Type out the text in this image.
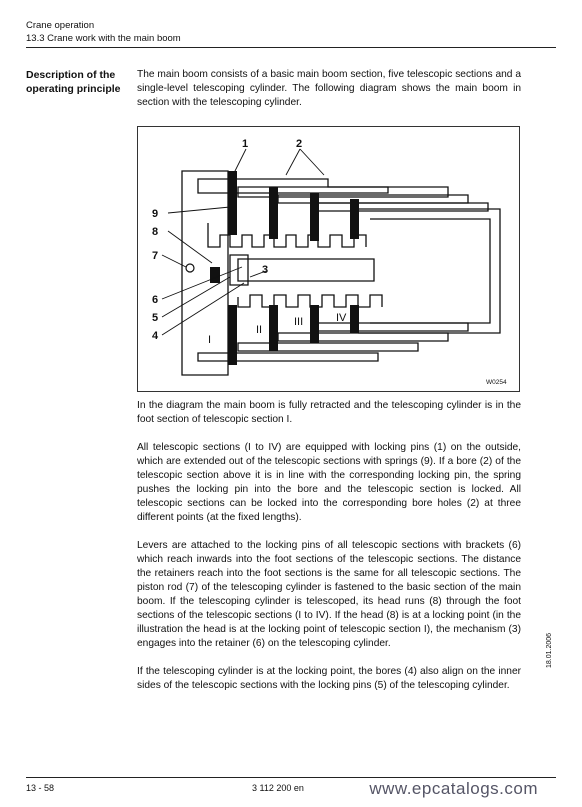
Crane operation
13.3 Crane work with the main boom
Description of the operating principle
The main boom consists of a basic main boom section, five telescopic sections and a single-level telescoping cylinder. The following diagram shows the main boom in section with the telescoping cylinder.
1	2
3
4
5
6
7
8
9
I
II
III	IV
W0254

In the diagram the main boom is fully retracted and the telescoping cylinder is in the foot section of telescopic section I.

All telescopic sections (I to IV) are equipped with locking pins (1) on the outside, which are extended out of the telescopic sections with springs (9). If a bore (2) of the telescopic section above it is in line with the corresponding locking pin, the spring pushes the locking pin into the bore and the telescopic section is locked. All telescopic sections can be locked into the corresponding bore holes (2) at three different points (at the fixed lengths).

Levers are attached to the locking pins of all telescopic sections with brackets (6) which reach inwards into the foot sections of the telescopic sections. The distance the retainers reach into the foot sections is the same for all telescopic sections. The piston rod (7) of the telescoping cylinder is fastened to the basic section of the main boom. If the telescoping cylinder is telescoped, its head runs (8) through the foot sections of the telescopic sections (I to IV). If the head (8) is at a locking point (in the illustration the head is at the locking point of telescopic section I), the mechanism (3) engages into the retainer (6) on the telescoping cylinder.

If the telescoping cylinder is at the locking point, the bores (4) also align on the inner sides of the telescopic sections with the locking pins (5) of the telescoping cylinder.

18.01.2006
13 - 58	3 112 200 en	www.epcatalogs.com
